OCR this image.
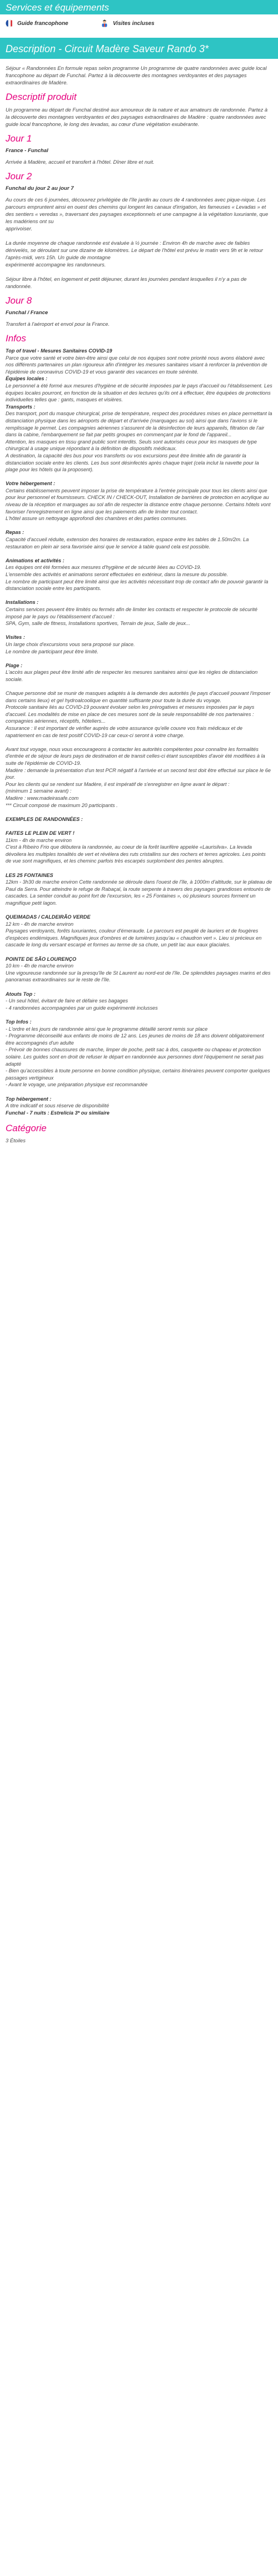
Services et équipements
Guide francophone	Visites incluses
Description - Circuit Madère Saveur Rando 3*

Séjour « Randonnées En formule repas selon programme Un programme de quatre randonnées avec guide local francophone au départ de Funchal. Partez à la découverte des montagnes verdoyantes et des paysages extraordinaires de Madère.

Descriptif produit

Un programme au départ de Funchal destiné aux amoureux de la nature et aux amateurs de randonnée. Partez à la découverte des montagnes verdoyantes et des paysages extraordinaires de Madère : quatre randonnées avec guide local francophone, le long des levadas, au cœur d'une végétation exubérante.

Jour 1
France - Funchal
Arrivée à Madère, accueil et transfert à l'hôtel. Dîner libre et nuit.
Jour 2
Funchal du jour 2 au jour 7
Au cours de ces 6 journées, découvrez privilégiée de l'île jardin au cours de 4 randonnées avec pique-nique. Les parcours empruntent ainsi en ouest des chemins qui longent les canaux d'irrigation, les fameuses « Levadas » et des sentiers « veredas », traversant des paysages exceptionnels et une campagne à la végétation luxuriante, que les madériens ont su
apprivoiser.

La durée moyenne de chaque randonnée est évaluée à ½ journée : Environ 4h de marche avec de faibles dénivelés, se déroulant sur une dizaine de kilomètres. Le départ de l'hôtel est prévu le matin vers 9h et le retour l'après-midi, vers 15h. Un guide de montagne
expérimenté accompagne les randonneurs.

Séjour libre à l'hôtel, en logement et petit déjeuner, durant les journées pendant lesquelles il n'y a pas de randonnée.
Jour 8
Funchal / France
Transfert à l'aéroport et envol pour la France.
Infos
Top of travel - Mesures Sanitaires COVID-19
Parce que votre santé et votre bien-être ainsi que celui de nos équipes sont notre priorité nous avons élaboré avec nos différents partenaires un plan rigoureux afin d'intégrer les mesures sanitaires visant à renforcer la prévention de l'épidémie de coronavirus COVID-19 et vous garantir des vacances en toute sérénité.
Équipes locales :
Le personnel a été formé aux mesures d'hygiène et de sécurité imposées par le pays d'accueil ou l'établissement. Les équipes locales pourront, en fonction de la situation et des lectures qu'ils ont à effectuer, être équipées de protections individuelles telles que : gants, masques et visières.
Transports :
Des transport, port du masque chirurgical, prise de température, respect des procédures mises en place permettant la distanciation physique dans les aéroports de départ et d'arrivée (marquages au sol) ainsi que dans l'avions si le remplissage le permet. Les compagnies aériennes s'assurent de la désinfection de leurs appareils, filtration de l'air dans la cabine, l'embarquement se fait par petits groupes en commençant par le fond de l'appareil...
Attention, les masques en tissu grand public sont interdits. Seuls sont autorisés ceux pour les masques de type chirurgical à usage unique répondant à la définition de dispositifs médicaux.
A destination, la capacité des bus pour vos transferts ou vos excursions peut être limitée afin de garantir la distanciation sociale entre les clients. Les bus sont désinfectés après chaque trajet (cela inclut la navette pour la plage pour les hôtels qui la proposent).
Votre hébergement :
Certains établissements peuvent imposer la prise de température à l'entrée principale pour tous les clients ainsi que pour leur personnel et fournisseurs. CHECK IN / CHECK-OUT, Installation de barrières de protection en acrylique au niveau de la réception et marquages au sol afin de respecter la distance entre chaque personne. Certains hôtels vont favoriser l'enregistrement en ligne ainsi que les paiements afin de limiter tout contact.
L'hôtel assure un nettoyage approfondi des chambres et des parties communes.
Repas :
Capacité d'accueil réduite, extension des horaires de restauration, espace entre les tables de 1.50m/2m. La restauration en plein air sera favorisée ainsi que le service à table quand cela est possible.
Animations et activités :
Les équipes ont été formées aux mesures d'hygiène et de sécurité liées au COVID-19.
L'ensemble des activités et animations seront effectuées en extérieur, dans la mesure du possible.
Le nombre de participant peut être limité ainsi que les activités nécessitant trop de contact afin de pouvoir garantir la distanciation sociale entre les participants.
Installations :
Certains services peuvent être limités ou fermés afin de limiter les contacts et respecter le protocole de sécurité imposé par le pays ou l'établissement d'accueil :
SPA, Gym, salle de fitness, Installations sportives, Terrain de jeux, Salle de jeux...
Visites :
Un large choix d'excursions vous sera proposé sur place.
Le nombre de participant peut être limité.
Plage :
L'accès aux plages peut être limité afin de respecter les mesures sanitaires ainsi que les règles de distanciation sociale.
Chaque personne doit se munir de masques adaptés à la demande des autorités (le pays d'accueil pouvant l'imposer dans certains lieux) et gel hydroalcoolique en quantité suffisante pour toute la durée du voyage.
Protocole sanitaire liés au COVID-19 pouvant évoluer selon les prérogatives et mesures imposées par le pays d'accueil. Les modalités de mise en place de ces mesures sont de la seule responsabilité de nos partenaires : compagnies aériennes, réceptifs, hôteliers...
Assurance : Il est important de vérifier auprès de votre assurance qu'elle couvre vos frais médicaux et de rapatriement en cas de test positif COVID-19 car ceux-ci seront à votre charge.
Avant tout voyage, nous vous encourageons à contacter les autorités compétentes pour connaître les formalités d'entrée et de séjour de leurs pays de destination et de transit celles-ci étant susceptibles d'avoir été modifiées à la suite de l'épidémie de COVID-19.
Madère : demande la présentation d'un test PCR négatif à l'arrivée et un second test doit être effectué sur place le 6e jour.
Pour les clients qui se rendent sur Madère, il est impératif de s'enregistrer en ligne avant le départ :
(minimum 1 semaine avant) :
Madère : www.madeirasafe.com
*** Circuit composé de maximum 20 participants .
EXEMPLES DE RANDONNÉES :
FAITES LE PLEIN DE VERT !
11km - 4h de marche environ
C'est à Ribeiro Frio que débutera la randonnée, au coeur de la forêt laurifère appelée «Laurisilva». La levada dévoilera les multiples tonalités de vert et révélera des ruts cristallins sur des rochers et terres agricoles. Les points de vue sont magnifiques, et les cheminc parfois très escarpés surplombent des pentes abruptes.
LES 25 FONTAINES
12km - 3h30 de marche environ Cette randonnée se déroule dans l'ouest de l'île, à 1000m d'altitude, sur le plateau de Paul da Serra. Pour atteindre le refuge de Rabaçal, la route serpente à travers des paysages grandioses entourés de cascades. La sentier conduit au point fort de l'excursion, les « 25 Fontaines », où plusieurs sources forment un magnifique petit lagon.
QUEIMADAS / CALDEIRÃO VERDE
12 km - 4h de marche environ
Paysages verdoyants, forêts luxuriantes, couleur d'émeraude. Le parcours est peuplé de lauriers et de fougères d'espèces endémiques. Magnifiques jeux d'ombres et de lumières jusqu'au « chaudron vert ». Lieu si précieux en cascade le long du versant escarpé et formes au terme de sa chute, un petit lac aux eaux glaciales.
POINTE DE SÃO LOURENÇO
10 km - 4h de marche environ
Une vigoureuse randonnée sur la presqu'île de St Laurent au nord-est de l'île. De splendides paysages marins et des panoramas extraordinaires sur le reste de l'île.
Atouts Top :
- Un seul hôtel, évitant de faire et défaire ses bagages
- 4 randonnées accompagnées par un guide expérimenté inclusses
Top Infos :
- L'ordre et les jours de randonnée ainsi que le programme détaillé seront remis sur place
- Programme déconseillé aux enfants de moins de 12 ans. Les jeunes de moins de 18 ans doivent obligatoirement être accompagnés d'un adulte
- Prévoir de bonnes chaussures de marche, limper de poche, petit sac à dos, casquette ou chapeau et protection solaire. Les guides sont en droit de refuser le départ en randonnée aux personnes dont l'équipement ne serait pas adapté
- Bien qu'accessibles à toute personne en bonne condition physique, certains itinéraires peuvent comporter quelques passages vertigineux
- Avant le voyage, une préparation physique est recommandée
Top hébergement :
A titre indicatif et sous réserve de disponibilité
Funchal - 7 nuits : Estrelicia 3* ou similaire
Catégorie
3 Étoiles
